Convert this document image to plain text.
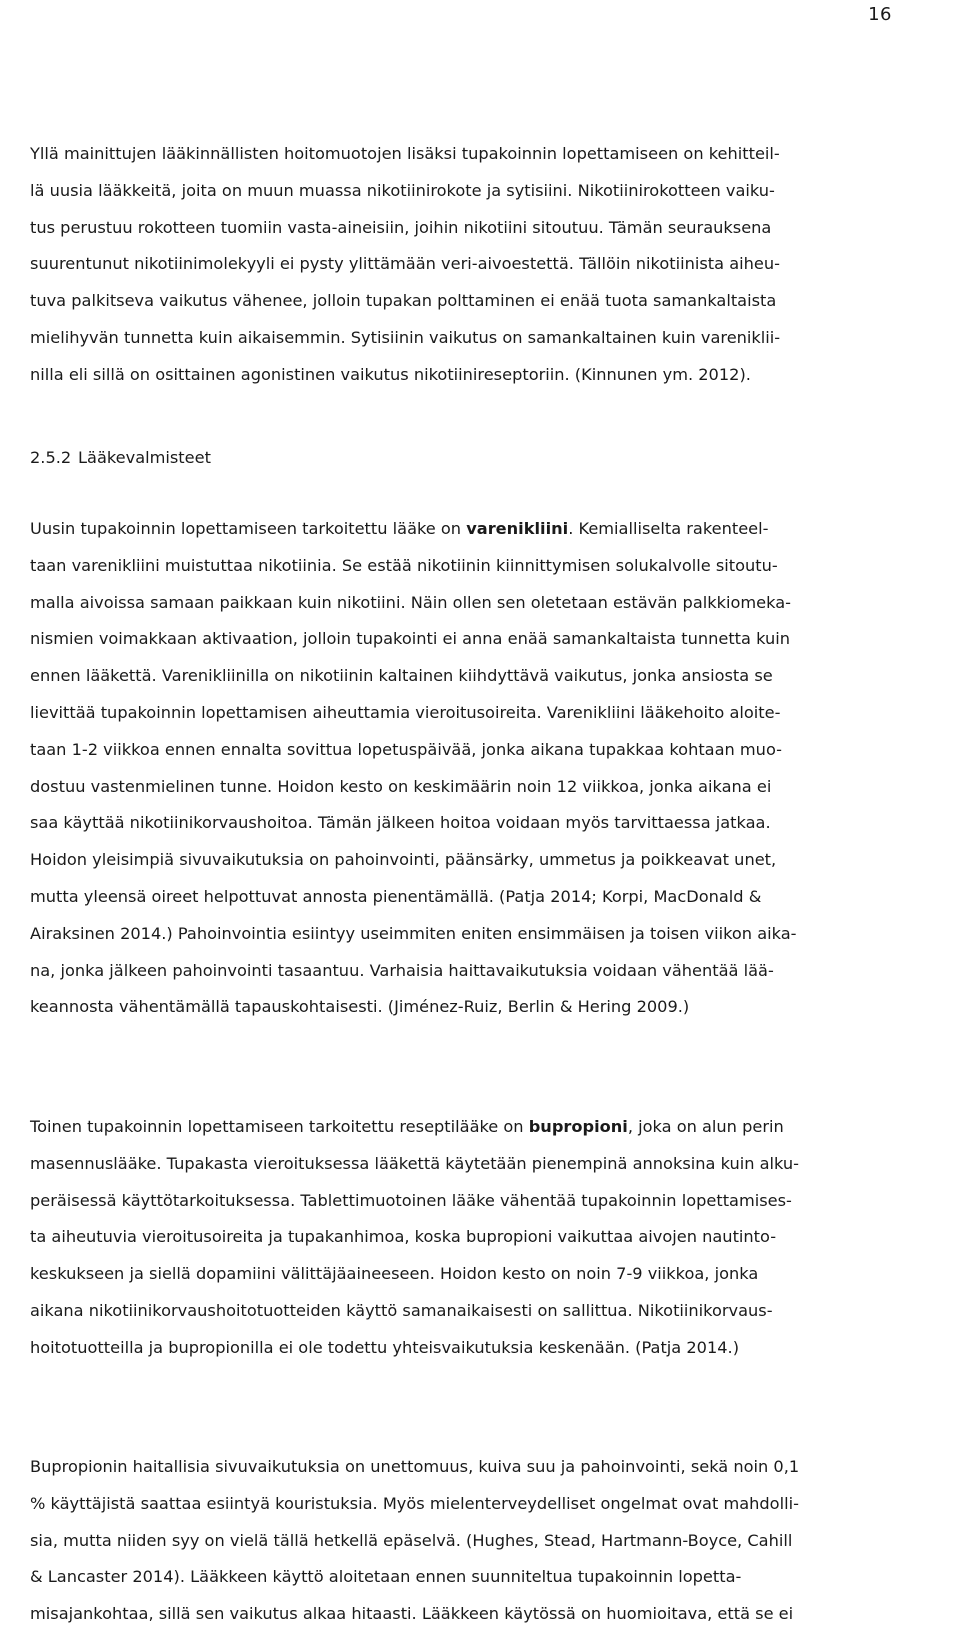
16
Yllä mainittujen lääkinnällisten hoitomuotojen lisäksi tupakoinnin lopettamiseen on kehitteil-
lä uusia lääkkeitä, joita on muun muassa nikotiinirokote ja sytisiini. Nikotiinirokotteen vaiku-
tus perustuu rokotteen tuomiin vasta-aineisiin, joihin nikotiini sitoutuu. Tämän seurauksena
suurentunut nikotiinimolekyyli ei pysty ylittämään veri-aivoestettä. Tällöin nikotiinista aiheu-
tuva palkitseva vaikutus vähenee, jolloin tupakan polttaminen ei enää tuota samankaltaista
mielihyvän tunnetta kuin aikaisemmin. Sytisiinin vaikutus on samankaltainen kuin vareniklii-
nilla eli sillä on osittainen agonistinen vaikutus nikotiinireseptoriin. (Kinnunen ym. 2012).
2.5.2 Lääkevalmisteet
Uusin tupakoinnin lopettamiseen tarkoitettu lääke on varenikliini. Kemialliselta rakenteel-
taan varenikliini muistuttaa nikotiinia. Se estää nikotiinin kiinnittymisen solukalvolle sitoutu-
malla aivoissa samaan paikkaan kuin nikotiini. Näin ollen sen oletetaan estävän palkkiomeka-
nismien voimakkaan aktivaation, jolloin tupakointi ei anna enää samankaltaista tunnetta kuin
ennen lääkettä. Varenikliinilla on nikotiinin kaltainen kiihdyttävä vaikutus, jonka ansiosta se
lievittää tupakoinnin lopettamisen aiheuttamia vieroitusoireita. Varenikliini lääkehoito aloite-
taan 1-2 viikkoa ennen ennalta sovittua lopetuspäivää, jonka aikana tupakkaa kohtaan muo-
dostuu vastenmielinen tunne. Hoidon kesto on keskimäärin noin 12 viikkoa, jonka aikana ei
saa käyttää nikotiinikorvaushoitoa. Tämän jälkeen hoitoa voidaan myös tarvittaessa jatkaa.
Hoidon yleisimpiä sivuvaikutuksia on pahoinvointi, päänsärky, ummetus ja poikkeavat unet,
mutta yleensä oireet helpottuvat annosta pienentämällä. (Patja 2014; Korpi, MacDonald &
Airaksinen 2014.) Pahoinvointia esiintyy useimmiten eniten ensimmäisen ja toisen viikon aika-
na, jonka jälkeen pahoinvointi tasaantuu. Varhaisia haittavaikutuksia voidaan vähentää lää-
keannosta vähentämällä tapauskohtaisesti. (Jiménez-Ruiz, Berlin & Hering 2009.)
Toinen tupakoinnin lopettamiseen tarkoitettu reseptilääke on bupropioni, joka on alun perin
masennuslääke. Tupakasta vieroituksessa lääkettä käytetään pienempinä annoksina kuin alku-
peräisessä käyttötarkoituksessa. Tablettimuotoinen lääke vähentää tupakoinnin lopettamises-
ta aiheutuvia vieroitusoireita ja tupakanhimoa, koska bupropioni vaikuttaa aivojen nautinto-
keskukseen ja siellä dopamiini välittäjäaineeseen. Hoidon kesto on noin 7-9 viikkoa, jonka
aikana nikotiinikorvaushoitotuotteiden käyttö samanaikaisesti on sallittua. Nikotiinikorvaus-
hoitotuotteilla ja bupropionilla ei ole todettu yhteisvaikutuksia keskenään. (Patja 2014.)
Bupropionin haitallisia sivuvaikutuksia on unettomuus, kuiva suu ja pahoinvointi, sekä noin 0,1
% käyttäjistä saattaa esiintyä kouristuksia. Myös mielenterveydelliset ongelmat ovat mahdolli-
sia, mutta niiden syy on vielä tällä hetkellä epäselvä. (Hughes, Stead, Hartmann-Boyce, Cahill
& Lancaster 2014). Lääkkeen käyttö aloitetaan ennen suunniteltua tupakoinnin lopetta-
misajankohtaa, sillä sen vaikutus alkaa hitaasti. Lääkkeen käytössä on huomioitava, että se ei
